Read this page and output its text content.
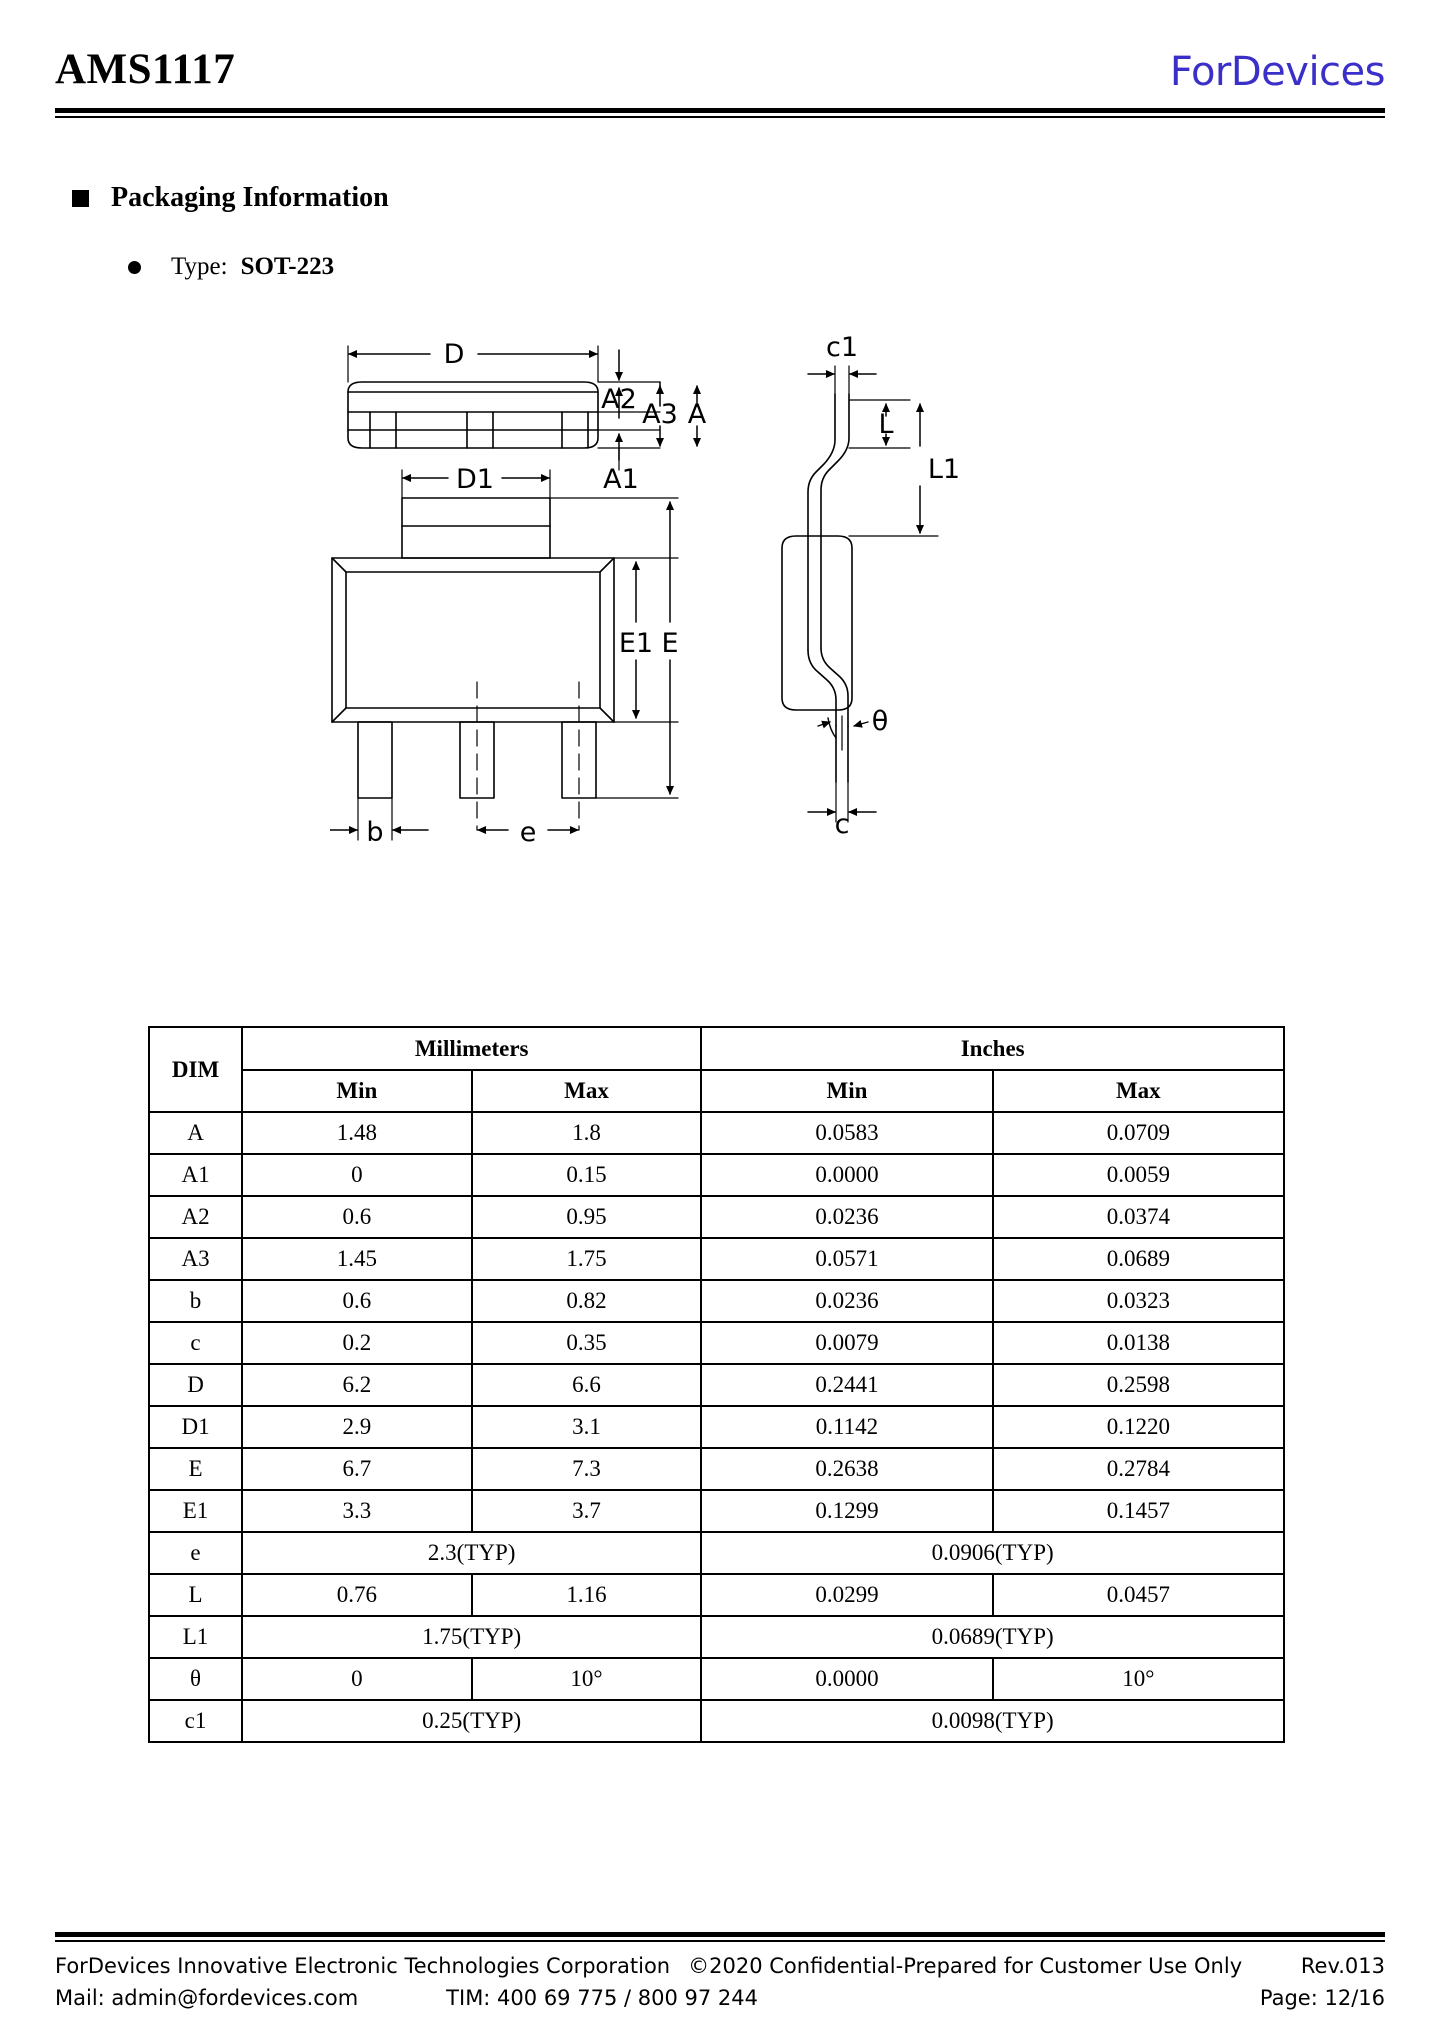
AMS1117	ForDevices
Packaging Information
Type: SOT-223
D
A2 A3 A
A1
D1
E1 E
b	e
c1
L
L1
θ
c
DIM	Millimeters		Inches	
	Min	Max	Min	Max
A	1.48	1.8	0.0583	0.0709
A1	0	0.15	0.0000	0.0059
A2	0.6	0.95	0.0236	0.0374
A3	1.45	1.75	0.0571	0.0689
b	0.6	0.82	0.0236	0.0323
c	0.2	0.35	0.0079	0.0138
D	6.2	6.6	0.2441	0.2598
D1	2.9	3.1	0.1142	0.1220
E	6.7	7.3	0.2638	0.2784
E1	3.3	3.7	0.1299	0.1457
e	2.3(TYP)		0.0906(TYP)	
L	0.76	1.16	0.0299	0.0457
L1	1.75(TYP)		0.0689(TYP)	
θ	0	10°	0.0000	10°
c1	0.25(TYP)		0.0098(TYP)	
ForDevices Innovative Electronic Technologies Corporation ©2020 Confidential-Prepared for Customer Use Only	Rev.013
Mail: admin@fordevices.com	TIM: 400 69 775 / 800 97 244	Page: 12/16
